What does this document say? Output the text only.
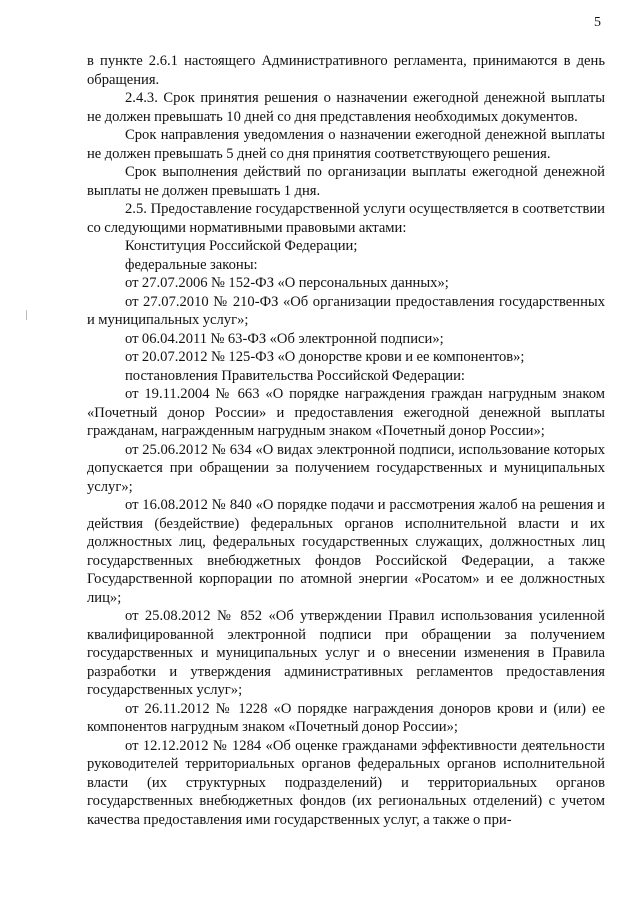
5

в пункте 2.6.1 настоящего Административного регламента, принимаются в день обращения.

2.4.3. Срок принятия решения о назначении ежегодной денежной выплаты не должен превышать 10 дней со дня представления необходимых документов.

Срок направления уведомления о назначении ежегодной денежной выплаты не должен превышать 5 дней со дня принятия соответствующего решения.

Срок выполнения действий по организации выплаты ежегодной денежной выплаты не должен превышать 1 дня.

2.5. Предоставление государственной услуги осуществляется в соответствии со следующими нормативными правовыми актами:

Конституция Российской Федерации;

федеральные законы:

от 27.07.2006 № 152-ФЗ «О персональных данных»;

от 27.07.2010 № 210-ФЗ «Об организации предоставления государственных и муниципальных услуг»;

от 06.04.2011 № 63-ФЗ «Об электронной подписи»;

от 20.07.2012 № 125-ФЗ «О донорстве крови и ее компонентов»;

постановления Правительства Российской Федерации:

от 19.11.2004 № 663 «О порядке награждения граждан нагрудным знаком «Почетный донор России» и предоставления ежегодной денежной выплаты гражданам, награжденным нагрудным знаком «Почетный донор России»;

от 25.06.2012 № 634 «О видах электронной подписи, использование которых допускается при обращении за получением государственных и муниципальных услуг»;

от 16.08.2012 № 840 «О порядке подачи и рассмотрения жалоб на решения и действия (бездействие) федеральных органов исполнительной власти и их должностных лиц, федеральных государственных служащих, должностных лиц государственных внебюджетных фондов Российской Федерации, а также Государственной корпорации по атомной энергии «Росатом» и ее должностных лиц»;

от 25.08.2012 № 852 «Об утверждении Правил использования усиленной квалифицированной электронной подписи при обращении за получением государственных и муниципальных услуг и о внесении изменения в Правила разработки и утверждения административных регламентов предоставления государственных услуг»;

от 26.11.2012 № 1228 «О порядке награждения доноров крови и (или) ее компонентов нагрудным знаком «Почетный донор России»;

от 12.12.2012 № 1284 «Об оценке гражданами эффективности деятельности руководителей территориальных органов федеральных органов исполнительной власти (их структурных подразделений) и территориальных органов государственных внебюджетных фондов (их региональных отделений) с учетом качества предоставления ими государственных услуг, а также о при-
